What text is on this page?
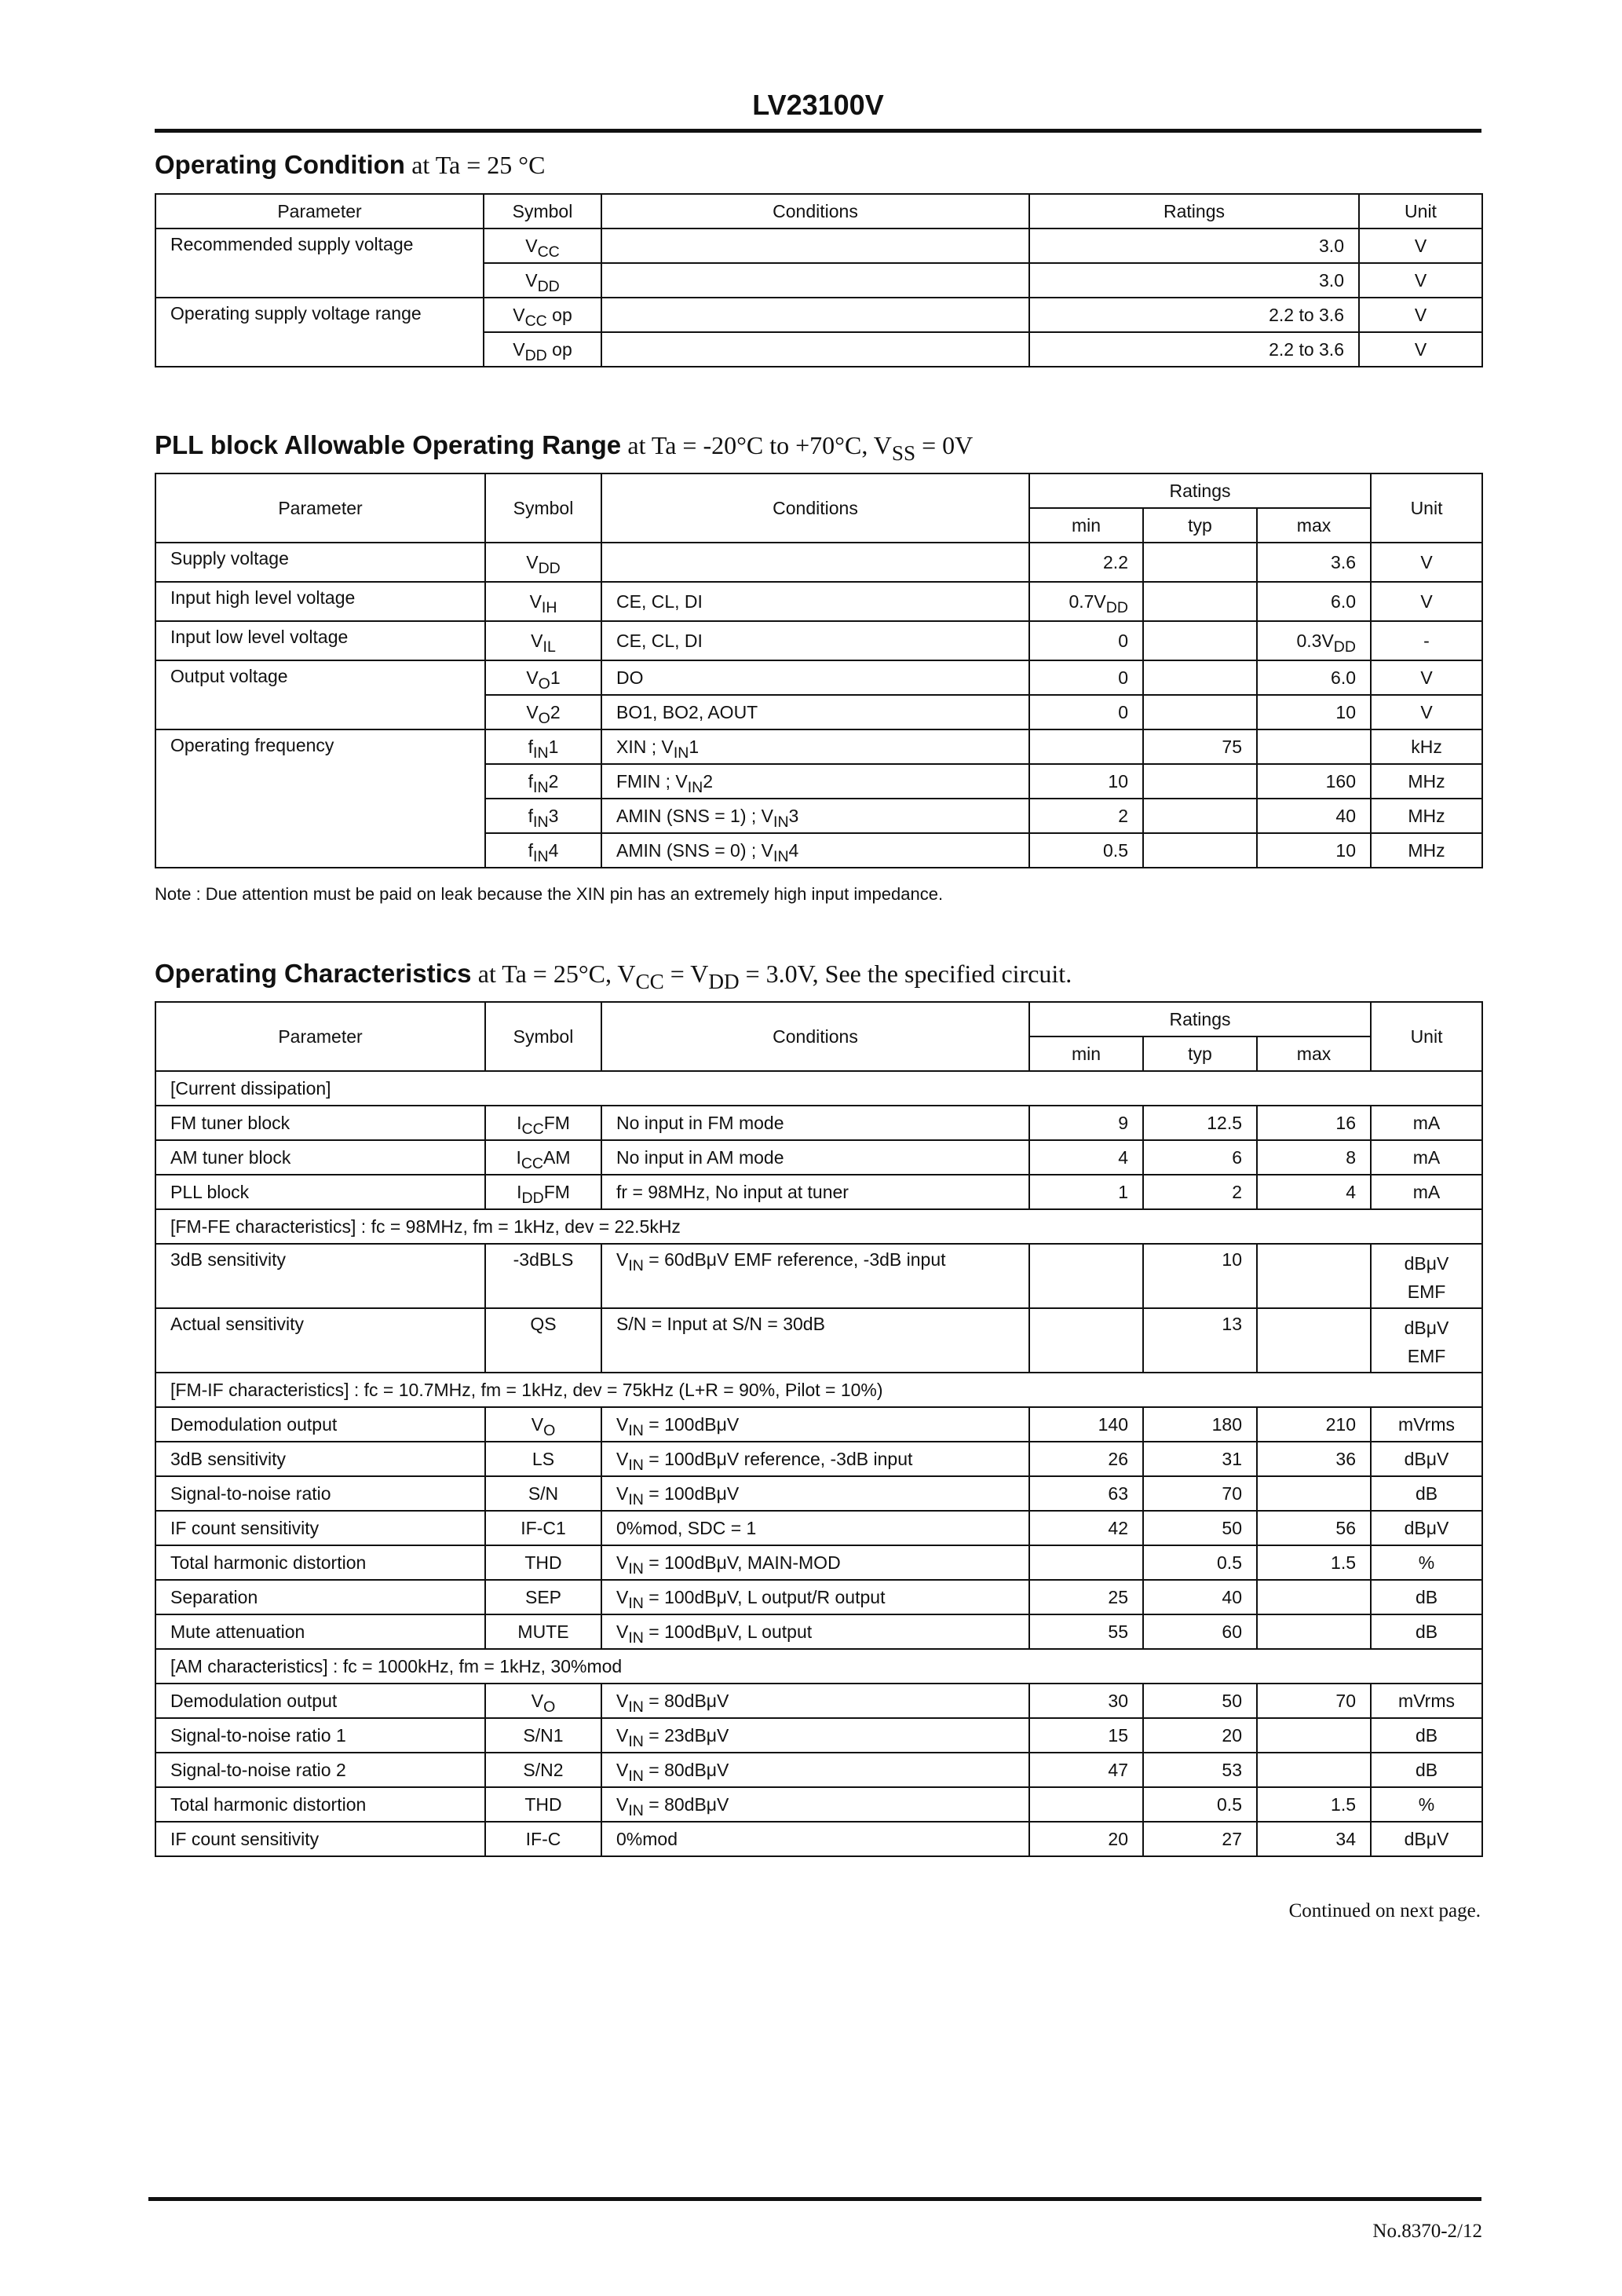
LV23100V
Operating Condition at Ta = 25 °C
Parameter	Symbol	Conditions	Ratings	Unit
Recommended supply voltage	$V_{CC}$		3.0	V
	$V_{DD}$		3.0	V
Operating supply voltage range	$V_{CC}$ op		2.2 to 3.6	V
	$V_{DD}$ op		2.2 to 3.6	V
PLL block Allowable Operating Range at Ta = -20°C to +70°C, $V_{SS} = 0V$
Parameter	Symbol	Conditions	Ratings			Unit
			min	typ	max	
Supply voltage	$V_{DD}$		2.2		3.6	V
Input high level voltage	$V_{IH}$	CE, CL, DI	$0.7V_{DD}$		6.0	V
Input low level voltage	$V_{IL}$	CE, CL, DI	0		$0.3V_{DD}$	-
Output voltage	$V_O1$	DO	0		6.0	V
	$V_O2$	BO1, BO2, AOUT	0		10	V
Operating frequency	$f_{IN}1$	XIN ; $V_{IN}1$		75		kHz
	$f_{IN}2$	FMIN ; $V_{IN}2$	10		160	MHz
	$f_{IN}3$	AMIN (SNS = 1) ; $V_{IN}3$	2		40	MHz
	$f_{IN}4$	AMIN (SNS = 0) ; $V_{IN}4$	0.5		10	MHz
Note : Due attention must be paid on leak because the XIN pin has an extremely high input impedance.
Operating Characteristics at Ta = 25°C, $V_{CC} = V_{DD} = 3.0V$, See the specified circuit.
Parameter	Symbol	Conditions	Ratings			Unit
			min	typ	max	
[Current dissipation]						
FM tuner block	$I_{CC}FM$	No input in FM mode	9	12.5	16	mA
AM tuner block	$I_{CC}AM$	No input in AM mode	4	6	8	mA
PLL block	$I_{DD}FM$	fr = 98MHz, No input at tuner	1	2	4	mA
[FM-FE characteristics] : fc = 98MHz, fm = 1kHz, dev = 22.5kHz						
3dB sensitivity	-3dBLS	$V_{IN} = 60dB\mu V$ EMF reference, -3dB input		10		dBμV
EMF
Actual sensitivity	QS	S/N = Input at S/N = 30dB		13		dBμV
EMF
[FM-IF characteristics] : fc = 10.7MHz, fm = 1kHz, dev = 75kHz (L+R = 90%, Pilot = 10%)						
Demodulation output	$V_O$	$V_{IN} = 100dB\mu V$	140	180	210	mVrms
3dB sensitivity	LS	$V_{IN} = 100dB\mu V$ reference, -3dB input	26	31	36	dBμV
Signal-to-noise ratio	S/N	$V_{IN} = 100dB\mu V$	63	70		dB
IF count sensitivity	IF-C1	0%mod, SDC = 1	42	50	56	dBμV
Total harmonic distortion	THD	$V_{IN} = 100dB\mu V$, MAIN-MOD		0.5	1.5	%
Separation	SEP	$V_{IN} = 100dB\mu V$, L output/R output	25	40		dB
Mute attenuation	MUTE	$V_{IN} = 100dB\mu V$, L output	55	60		dB
[AM characteristics] : fc = 1000kHz, fm = 1kHz, 30%mod						
Demodulation output	$V_O$	$V_{IN} = 80dB\mu V$	30	50	70	mVrms
Signal-to-noise ratio 1	S/N1	$V_{IN} = 23dB\mu V$	15	20		dB
Signal-to-noise ratio 2	S/N2	$V_{IN} = 80dB\mu V$	47	53		dB
Total harmonic distortion	THD	$V_{IN} = 80dB\mu V$		0.5	1.5	%
IF count sensitivity	IF-C	0%mod	20	27	34	dBμV
Continued on next page.
No.8370-2/12
